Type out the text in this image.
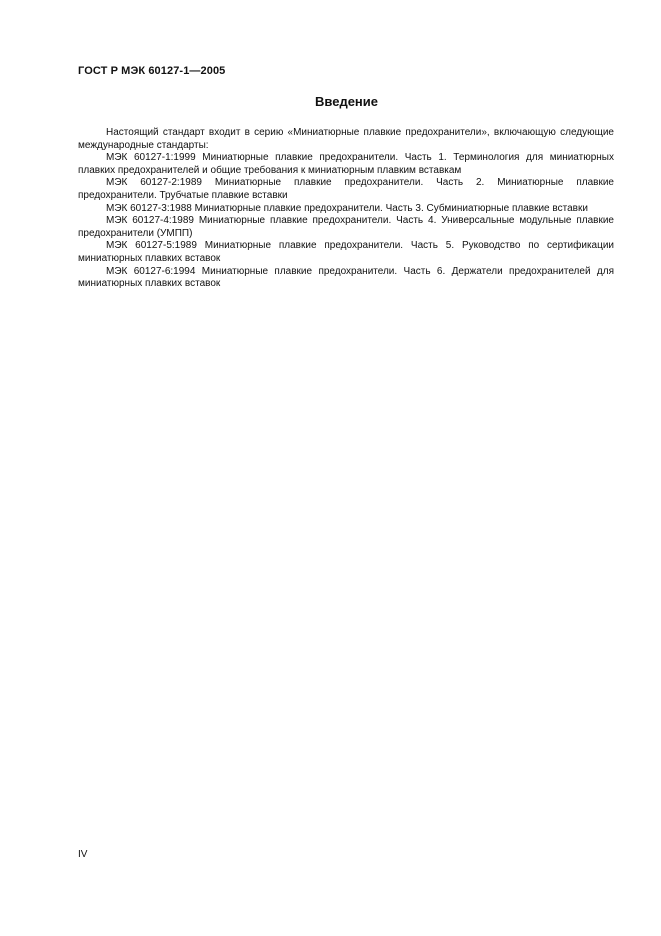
ГОСТ Р МЭК 60127-1—2005
Введение

Настоящий стандарт входит в серию «Миниатюрные плавкие предохранители», включающую следующие международные стандарты:

МЭК 60127-1:1999 Миниатюрные плавкие предохранители. Часть 1. Терминология для миниатюрных плавких предохранителей и общие требования к миниатюрным плавким вставкам

МЭК 60127-2:1989 Миниатюрные плавкие предохранители. Часть 2. Миниатюрные плавкие предохранители. Трубчатые плавкие вставки

МЭК 60127-3:1988 Миниатюрные плавкие предохранители. Часть 3. Субминиатюрные плавкие вставки

МЭК 60127-4:1989 Миниатюрные плавкие предохранители. Часть 4. Универсальные модульные плавкие предохранители (УМПП)

МЭК 60127-5:1989 Миниатюрные плавкие предохранители. Часть 5. Руководство по сертификации миниатюрных плавких вставок

МЭК 60127-6:1994 Миниатюрные плавкие предохранители. Часть 6. Держатели предохранителей для миниатюрных плавких вставок

IV
